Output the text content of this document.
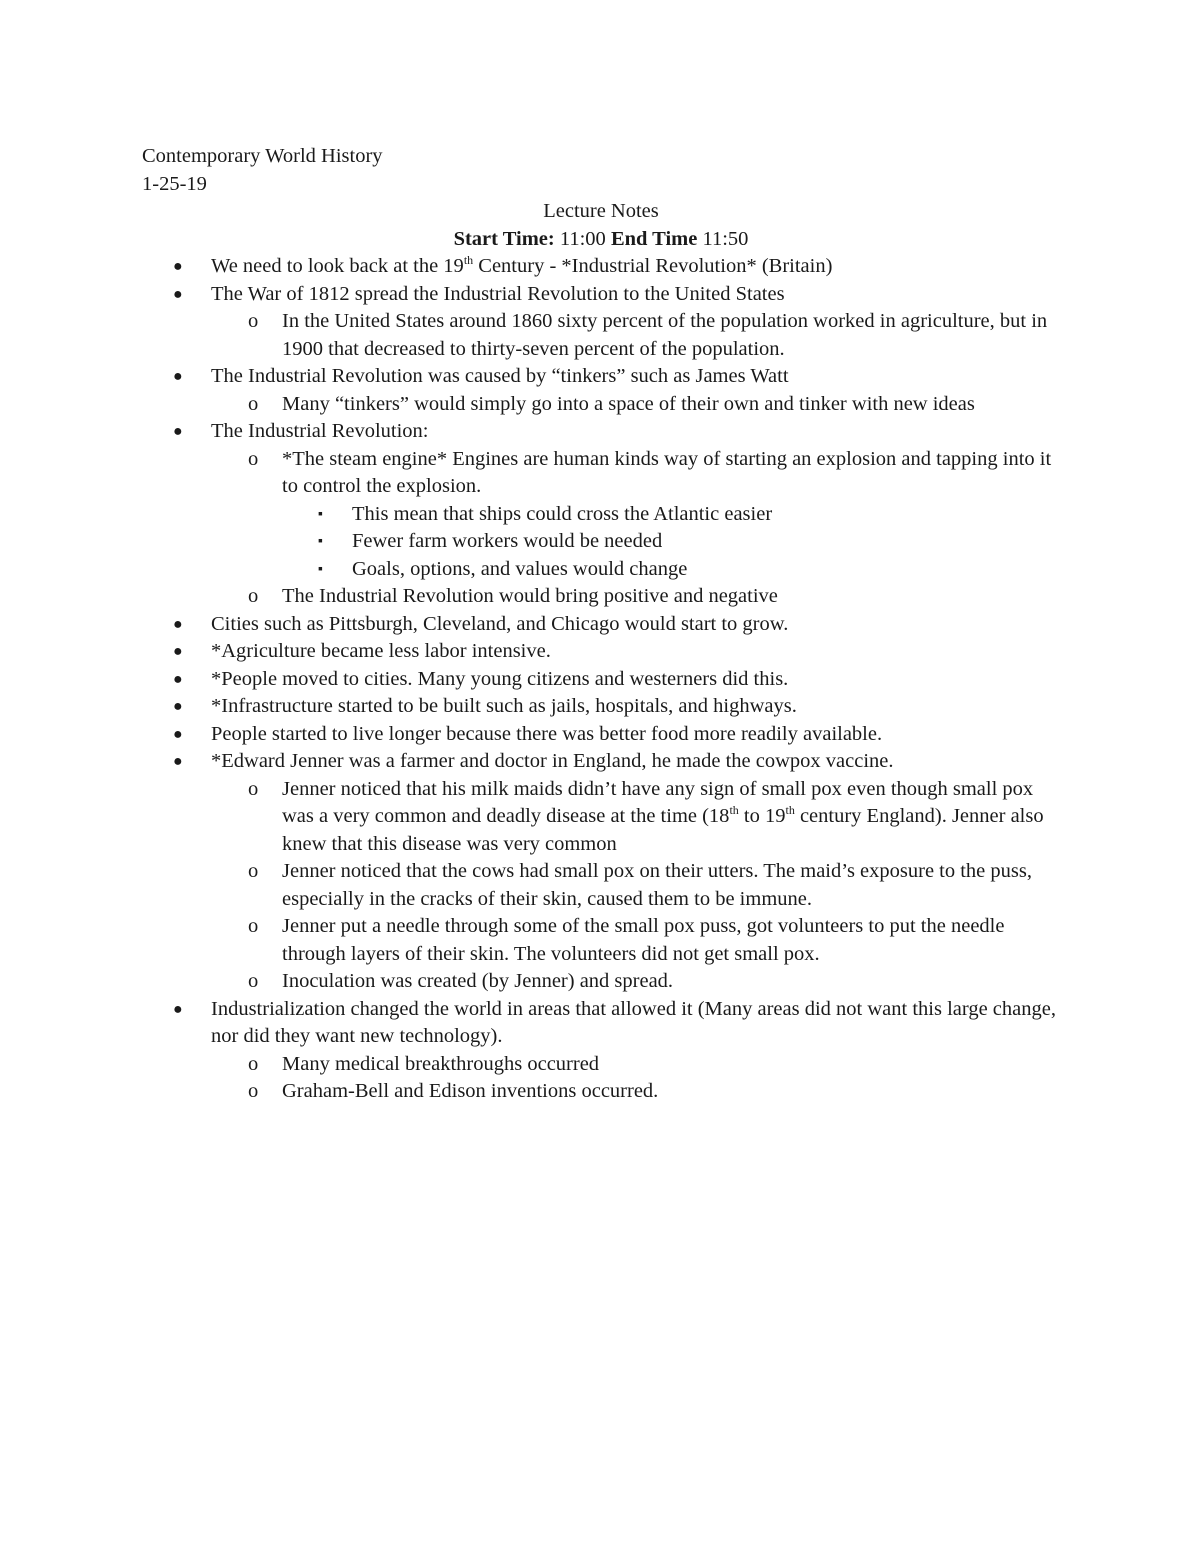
Contemporary World History
1-25-19
Lecture Notes
Start Time: 11:00 End Time 11:50
● We need to look back at the 19th Century - *Industrial Revolution* (Britain)
● The War of 1812 spread the Industrial Revolution to the United States
o In the United States around 1860 sixty percent of the population worked in agriculture, but in 1900 that decreased to thirty-seven percent of the population.
● The Industrial Revolution was caused by “tinkers” such as James Watt
o Many “tinkers” would simply go into a space of their own and tinker with new ideas
● The Industrial Revolution:
o *The steam engine* Engines are human kinds way of starting an explosion and tapping into it to control the explosion.
▪ This mean that ships could cross the Atlantic easier
▪ Fewer farm workers would be needed
▪ Goals, options, and values would change
o The Industrial Revolution would bring positive and negative
● Cities such as Pittsburgh, Cleveland, and Chicago would start to grow.
● *Agriculture became less labor intensive.
● *People moved to cities. Many young citizens and westerners did this.
● *Infrastructure started to be built such as jails, hospitals, and highways.
● People started to live longer because there was better food more readily available.
● *Edward Jenner was a farmer and doctor in England, he made the cowpox vaccine.
o Jenner noticed that his milk maids didn’t have any sign of small pox even though small pox was a very common and deadly disease at the time (18th to 19th century England). Jenner also knew that this disease was very common
o Jenner noticed that the cows had small pox on their utters. The maid’s exposure to the puss, especially in the cracks of their skin, caused them to be immune.
o Jenner put a needle through some of the small pox puss, got volunteers to put the needle through layers of their skin. The volunteers did not get small pox.
o Inoculation was created (by Jenner) and spread.
● Industrialization changed the world in areas that allowed it (Many areas did not want this large change, nor did they want new technology).
o Many medical breakthroughs occurred
o Graham-Bell and Edison inventions occurred.
